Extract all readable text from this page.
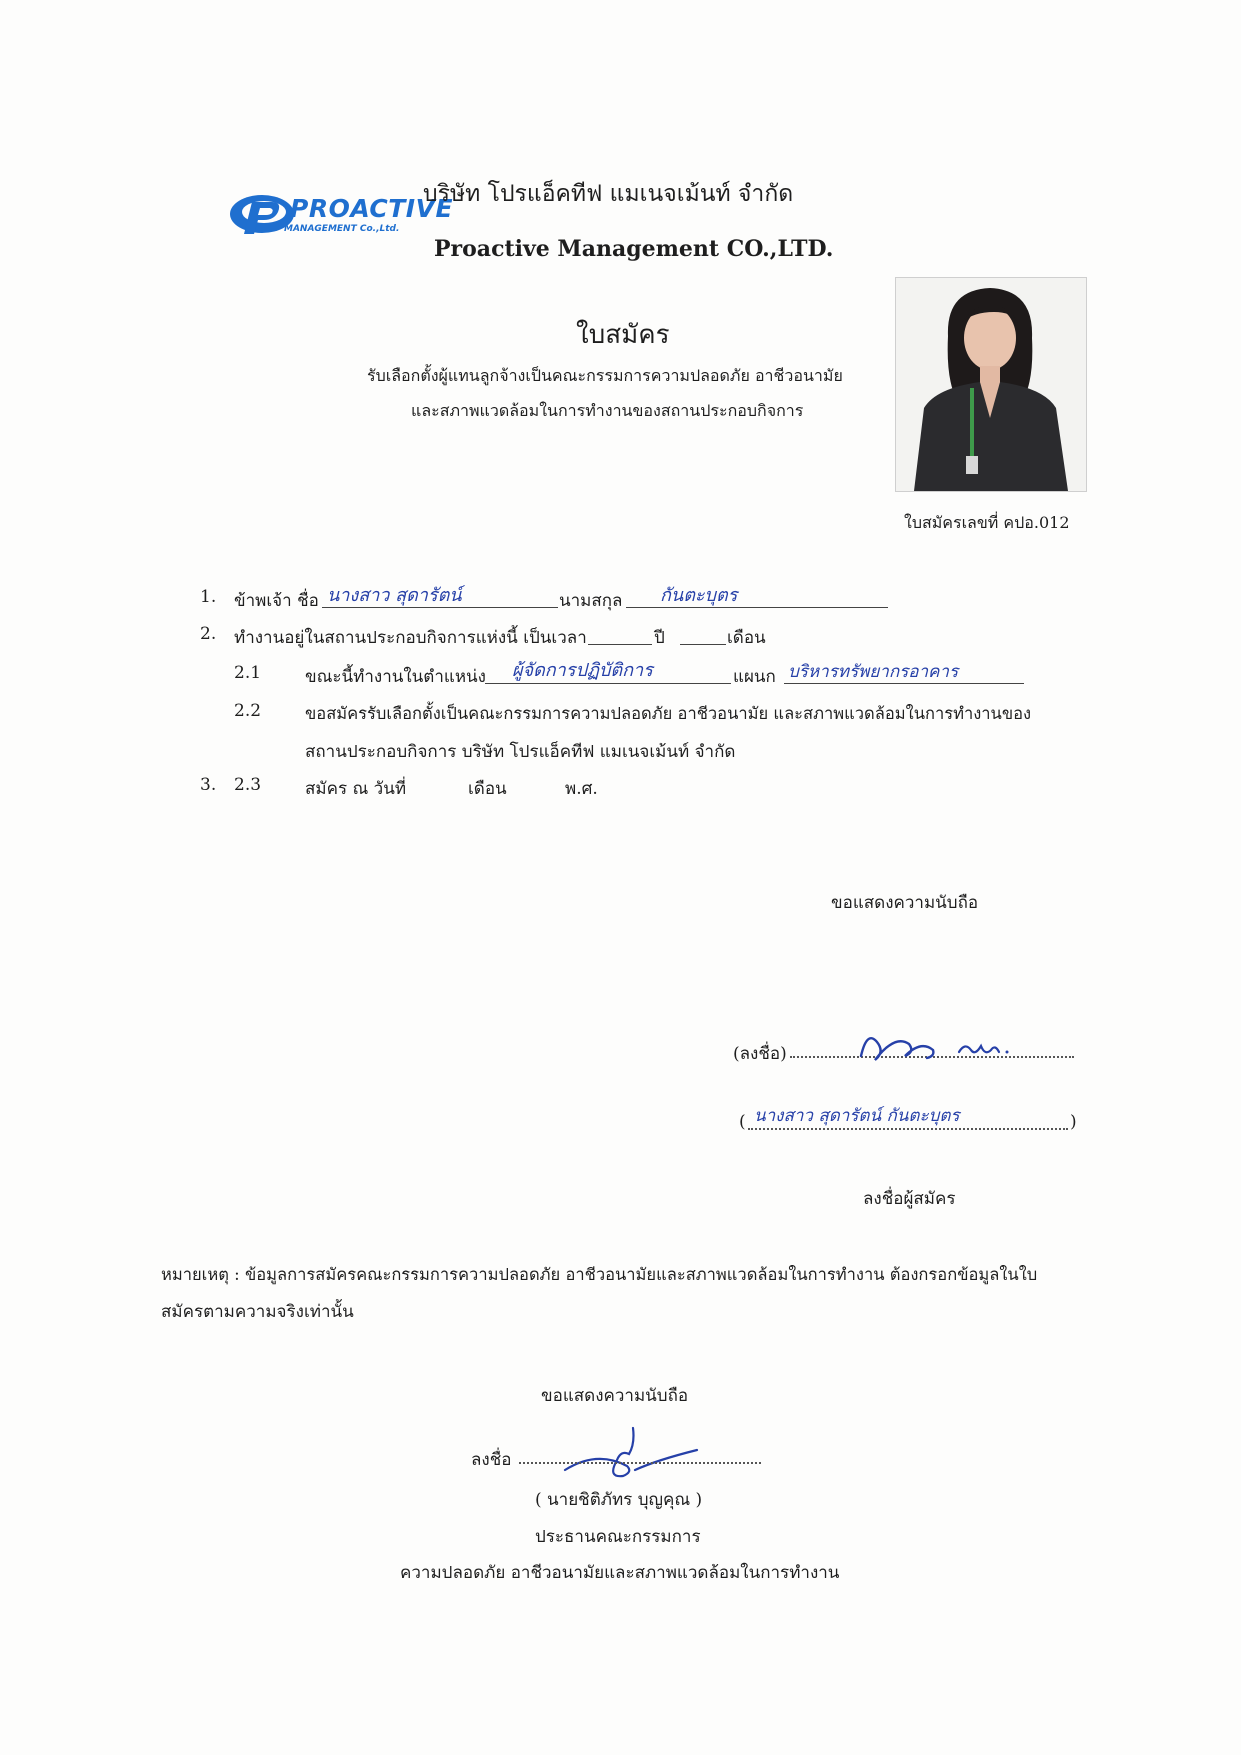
PROACTIVE
MANAGEMENT Co.,Ltd.
บริษัท โปรแอ็คทีฟ แมเนจเม้นท์ จำกัด
Proactive Management CO.,LTD.
ใบสมัคร
รับเลือกตั้งผู้แทนลูกจ้างเป็นคณะกรรมการความปลอดภัย อาชีวอนามัย
และสภาพแวดล้อมในการทำงานของสถานประกอบกิจการ
ใบสมัครเลขที่ คปอ.012
1. ข้าพเจ้า ชื่อ นางสาว สุดารัตน์	นามสกุล กันตะบุตร
2. ทำงานอยู่ในสถานประกอบกิจการแห่งนี้ เป็นเวลา	ปี	เดือน
2.1	ขณะนี้ทำงานในตำแหน่ง ผู้จัดการปฏิบัติการ	แผนก บริหารทรัพยากรอาคาร
2.2	ขอสมัครรับเลือกตั้งเป็นคณะกรรมการความปลอดภัย อาชีวอนามัย และสภาพแวดล้อมในการทำงานของ
สถานประกอบกิจการ บริษัท โปรแอ็คทีฟ แมเนจเม้นท์ จำกัด
3. 2.3	สมัคร ณ วันที่	เดือน	พ.ศ.
ขอแสดงความนับถือ
(ลงชื่อ)
( นางสาว สุดารัตน์ กันตะบุตร	)
ลงชื่อผู้สมัคร
หมายเหตุ : ข้อมูลการสมัครคณะกรรมการความปลอดภัย อาชีวอนามัยและสภาพแวดล้อมในการทำงาน ต้องกรอกข้อมูลในใบ
สมัครตามความจริงเท่านั้น
ขอแสดงความนับถือ
ลงชื่อ
( นายชิติภัทร บุญคุณ )
ประธานคณะกรรมการ
ความปลอดภัย อาชีวอนามัยและสภาพแวดล้อมในการทำงาน
